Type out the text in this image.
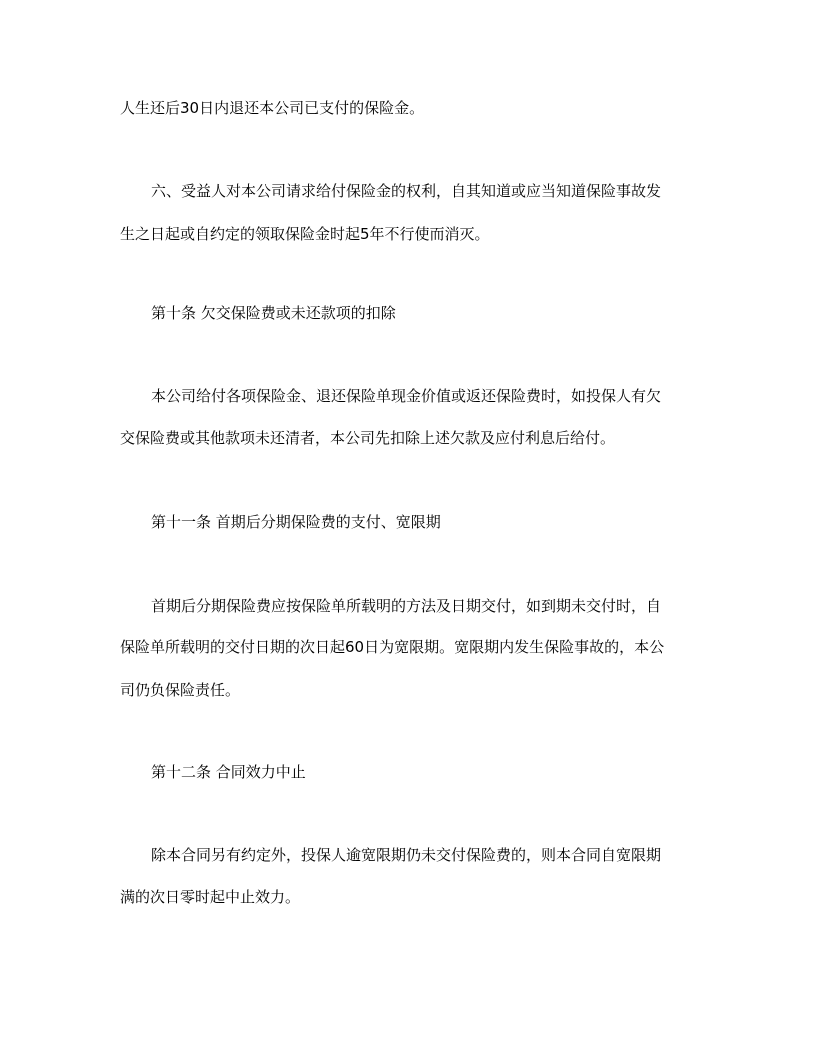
人生还后30日内退还本公司已支付的保险金。
六、受益人对本公司请求给付保险金的权利，自其知道或应当知道保险事故发
生之日起或自约定的领取保险金时起5年不行使而消灭。
第十条 欠交保险费或未还款项的扣除
本公司给付各项保险金、退还保险单现金价值或返还保险费时，如投保人有欠
交保险费或其他款项未还清者，本公司先扣除上述欠款及应付利息后给付。
第十一条 首期后分期保险费的支付、宽限期
首期后分期保险费应按保险单所载明的方法及日期交付，如到期未交付时，自
保险单所载明的交付日期的次日起60日为宽限期。宽限期内发生保险事故的，本公
司仍负保险责任。
第十二条 合同效力中止
除本合同另有约定外，投保人逾宽限期仍未交付保险费的，则本合同自宽限期
满的次日零时起中止效力。
